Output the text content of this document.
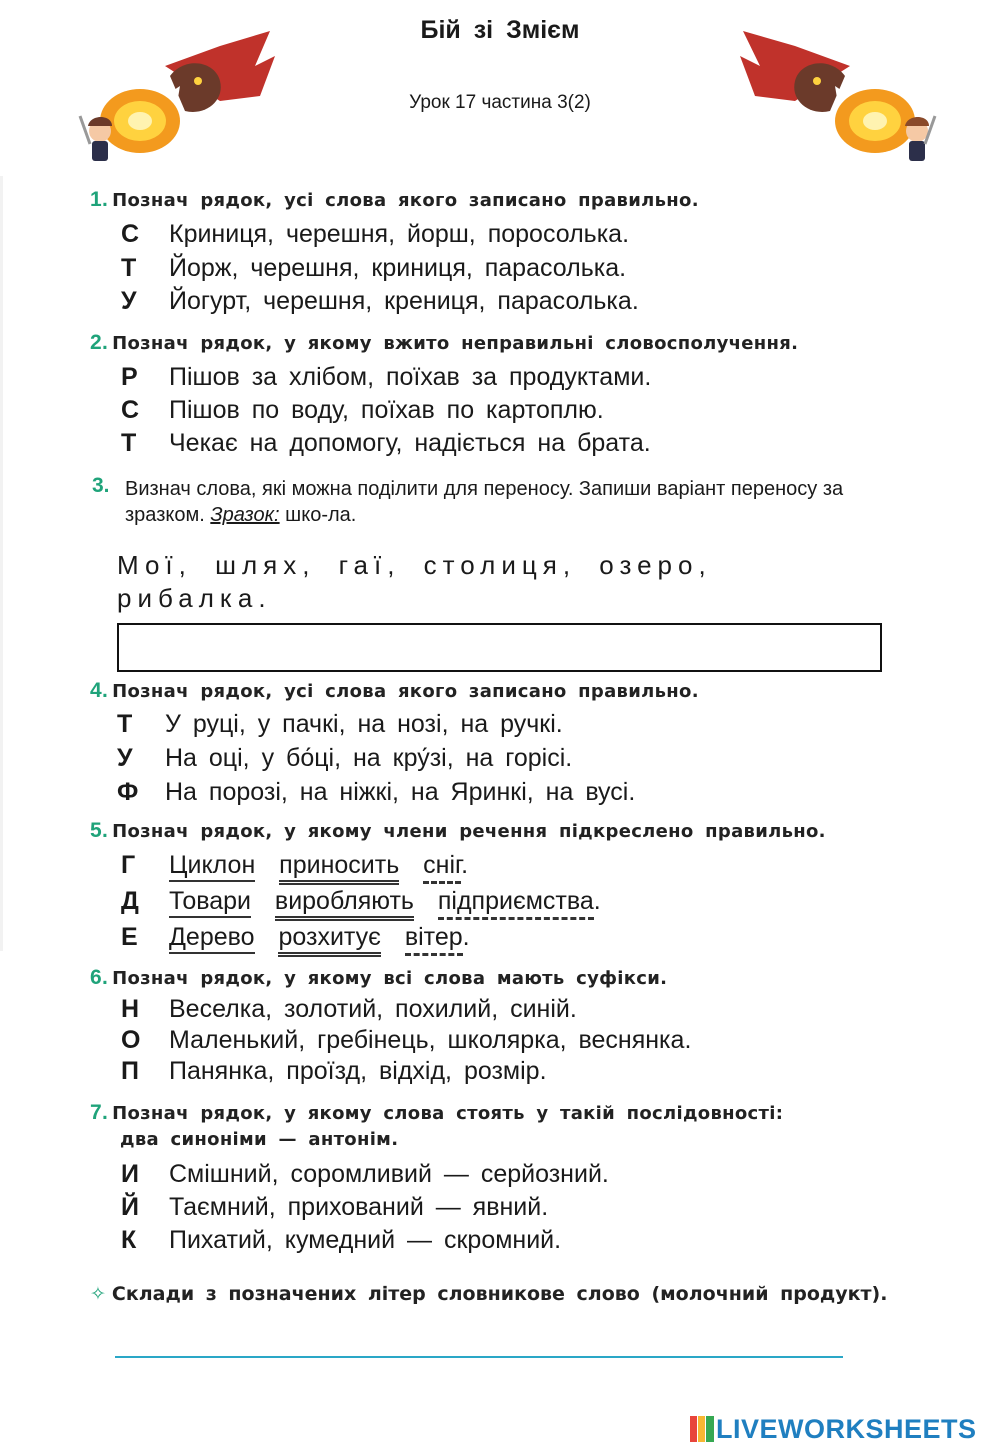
Бій зі Змієм
Урок 17 частина 3(2)
1. Познач рядок, усі слова якого записано правильно.
С Криниця, черешня, йорш, поросолька.
Т Йорж, черешня, криниця, парасолька.
У Йогурт, черешня, крениця, парасолька.
2. Познач рядок, у якому вжито неправильні словосполучення.
Р Пішов за хлібом, поїхав за продуктами.
С Пішов по воду, поїхав по картоплю.
Т Чекає на допомогу, надіється на брата.
3. Визнач слова, які можна поділити для переносу. Запиши варіант переносу за зразком. Зразок: шко-ла.
Мої, шлях, гаї, столиця, озеро,
рибалка.
4. Познач рядок, усі слова якого записано правильно.
Т У руці, у пачкі, на нозі, на ручкі.
У На оці, у бо́ці, на кру́зі, на горісі.
Ф На порозі, на ніжкі, на Яринкі, на вусі.
5. Познач рядок, у якому члени речення підкреслено правильно.
Г Циклон приносить сніг.
Д Товари виробляють підприємства.
Е Дерево розхитує вітер.
6. Познач рядок, у якому всі слова мають суфікси.
Н Веселка, золотий, похилий, синій.
О Маленький, гребінець, школярка, веснянка.
П Панянка, проїзд, відхід, розмір.
7. Познач рядок, у якому слова стоять у такій послідовності:
два синоніми — антонім.
И Смішний, соромливий — серйозний.
Й Таємний, прихований — явний.
К Пихатий, кумедний — скромний.
✧ Склади з позначених літер словникове слово (молочний продукт).
LIVEWORKSHEETS
